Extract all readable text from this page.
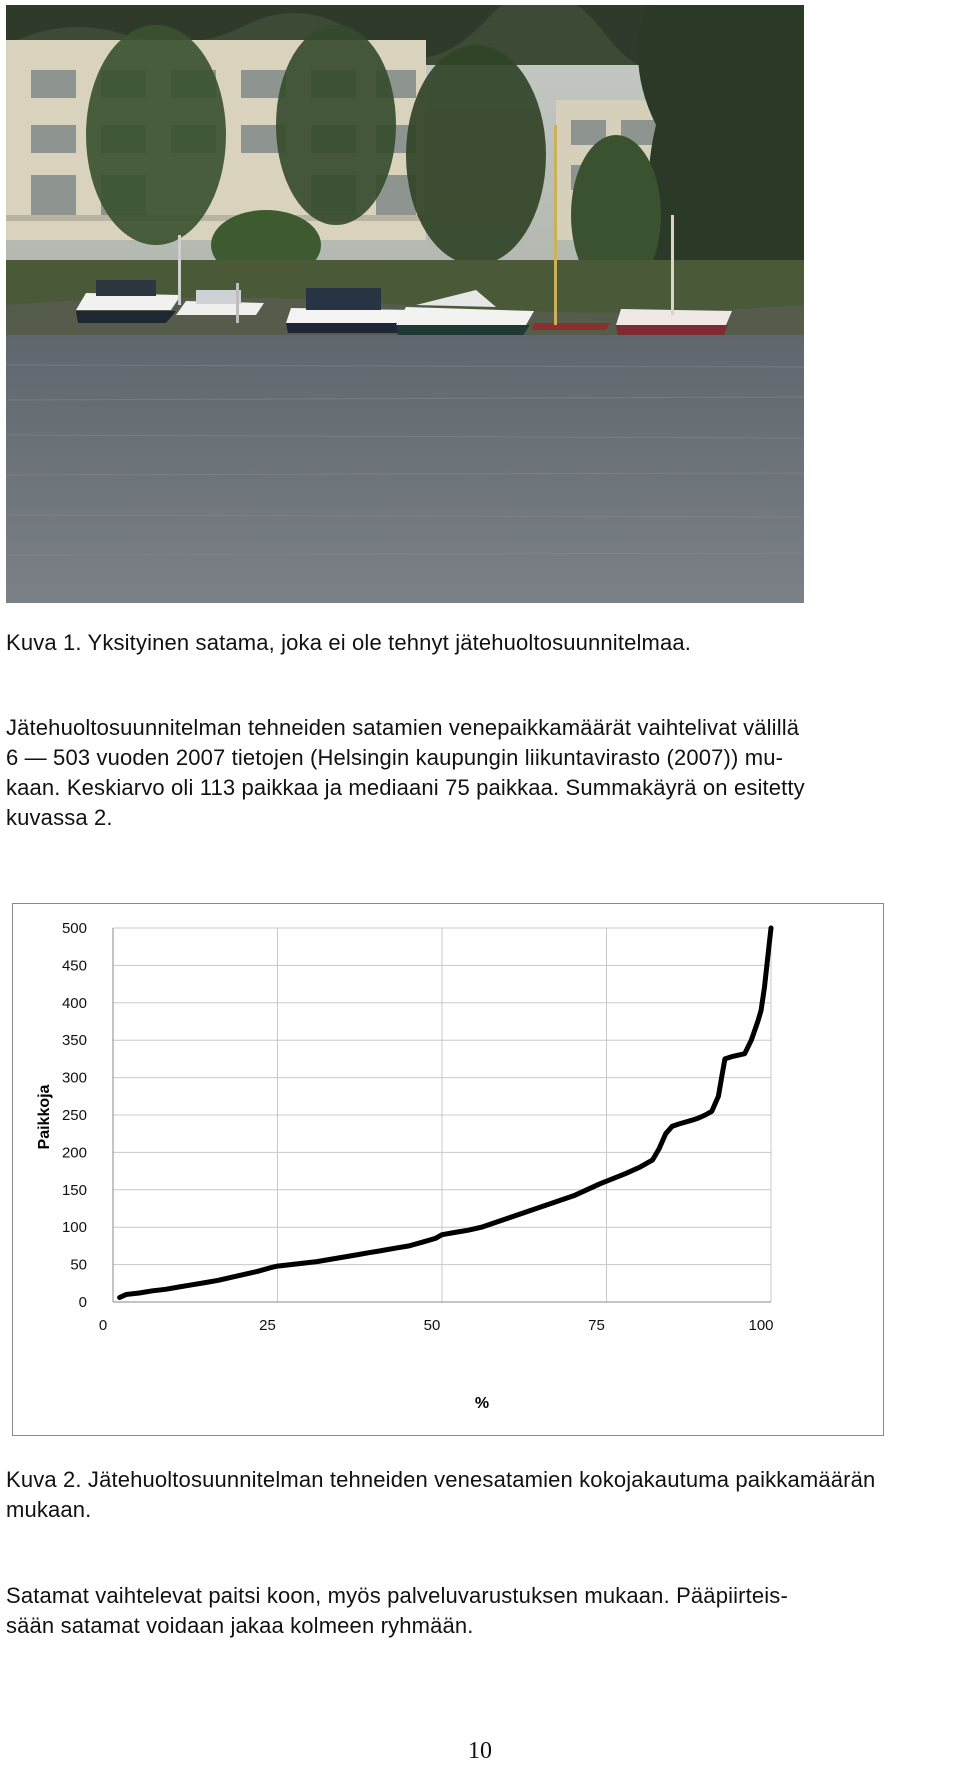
Kuva 1. Yksityinen satama, joka ei ole tehnyt jätehuoltosuunnitelmaa.

Jätehuoltosuunnitelman tehneiden satamien venepaikkamäärät vaihtelivat välillä
6 — 503 vuoden 2007 tietojen (Helsingin kaupungin liikuntavirasto (2007)) mu-
kaan. Keskiarvo oli 113 paikkaa ja mediaani 75 paikkaa. Summakäyrä on esitetty
kuvassa 2.
0
50
100
150
200
250
300
350
400
450
500
0	25	50	75	100
Paikkoja
%
Kuva 2. Jätehuoltosuunnitelman tehneiden venesatamien kokojakautuma paikkamäärän
mukaan.
Satamat vaihtelevat paitsi koon, myös palveluvarustuksen mukaan. Pääpiirteis-
sään satamat voidaan jakaa kolmeen ryhmään.
10
